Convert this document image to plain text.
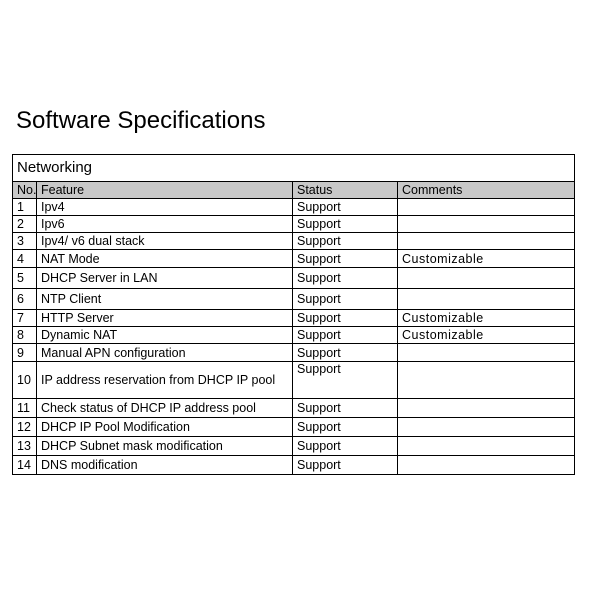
Software Specifications
Networking			
No.	Feature	Status	Comments
1	Ipv4	Support	
2	Ipv6	Support	
3	Ipv4/ v6 dual stack	Support	
4	NAT Mode	Support	Customizable
5	DHCP Server in LAN	Support	
6	NTP Client	Support	
7	HTTP Server	Support	Customizable
8	Dynamic NAT	Support	Customizable
9	Manual APN configuration	Support	
10	IP address reservation from DHCP IP pool	Support	
11	Check status of DHCP IP address pool	Support	
12	DHCP IP Pool Modification	Support	
13	DHCP Subnet mask modification	Support	
14	DNS modification	Support	
